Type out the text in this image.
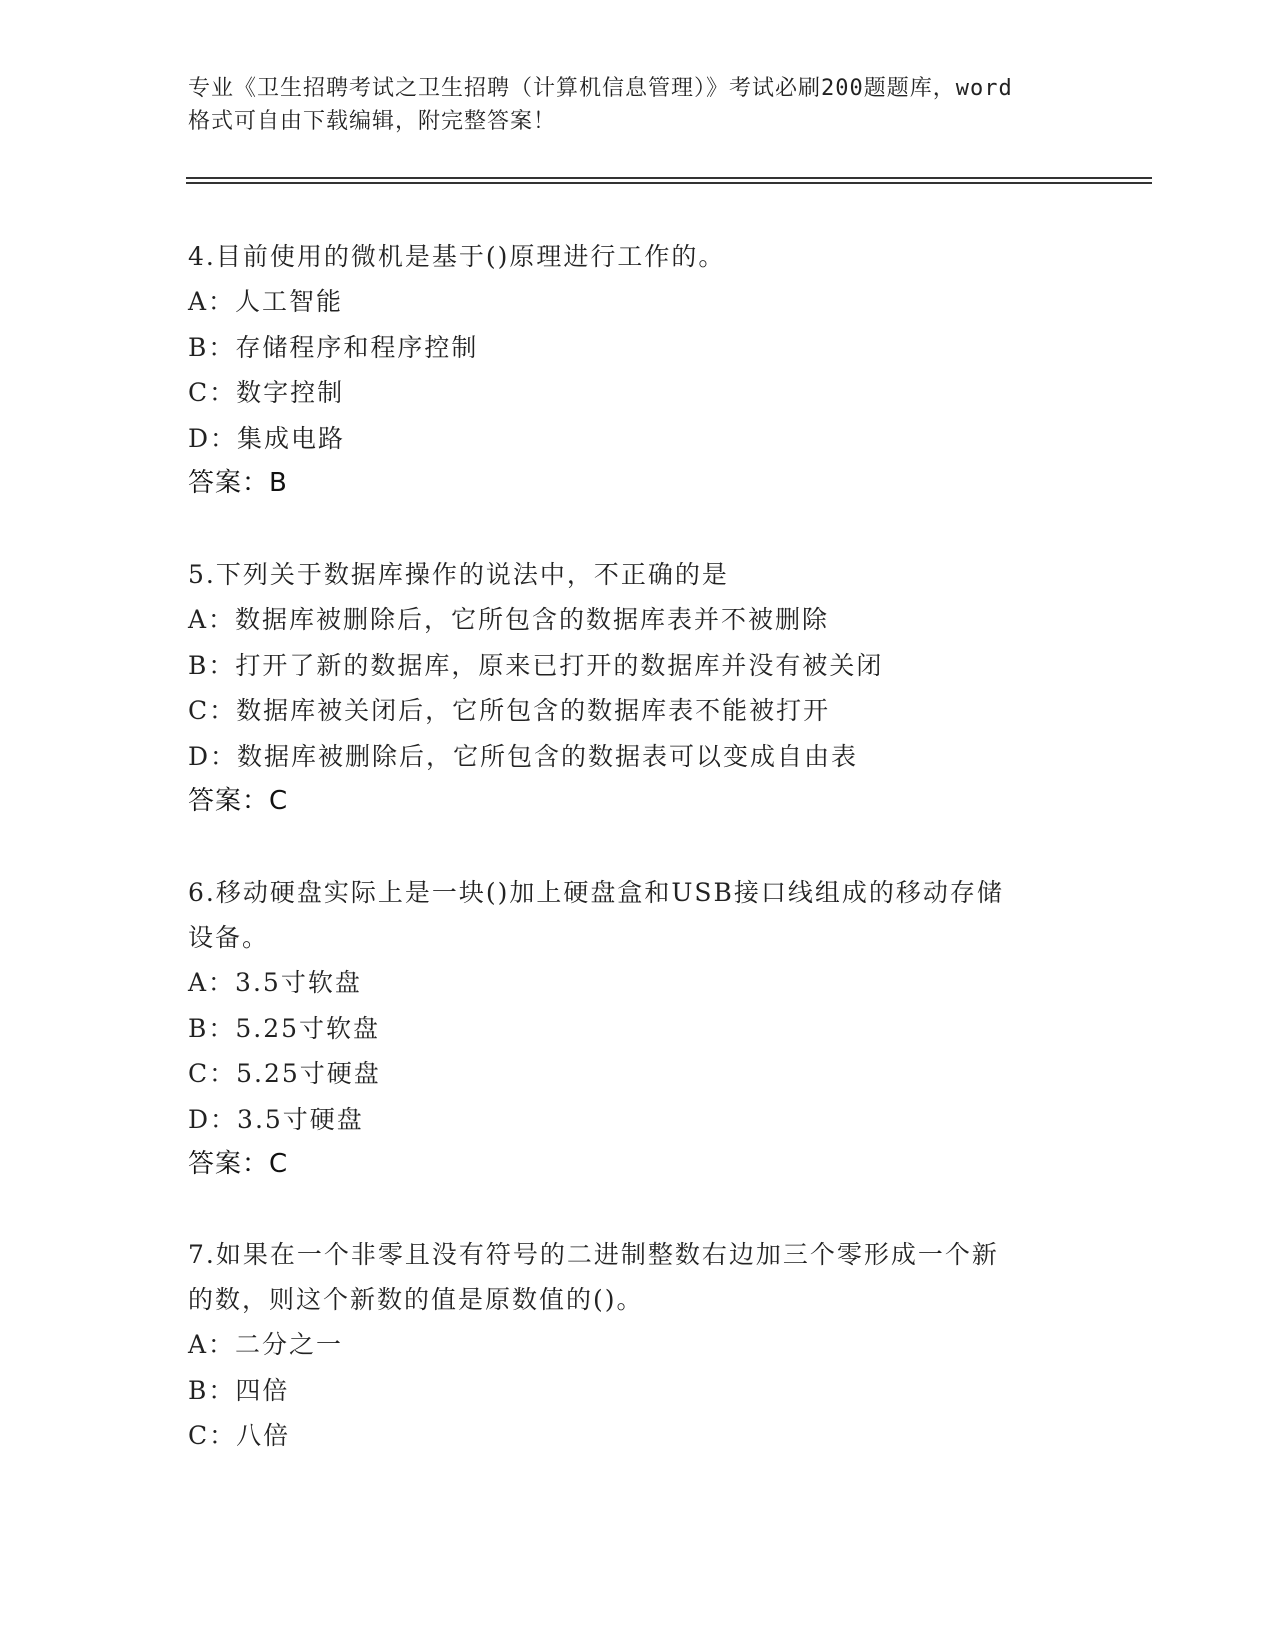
专业《卫生招聘考试之卫生招聘（计算机信息管理）》考试必刷200题题库，word
格式可自由下载编辑，附完整答案！
4.目前使用的微机是基于()原理进行工作的。
A：人工智能
B：存储程序和程序控制
C：数字控制
D：集成电路
答案：B
5.下列关于数据库操作的说法中，不正确的是
A：数据库被删除后，它所包含的数据库表并不被删除
B：打开了新的数据库，原来已打开的数据库并没有被关闭
C：数据库被关闭后，它所包含的数据库表不能被打开
D：数据库被删除后，它所包含的数据表可以变成自由表
答案：C
6.移动硬盘实际上是一块()加上硬盘盒和USB接口线组成的移动存储
设备。
A：3.5寸软盘
B：5.25寸软盘
C：5.25寸硬盘
D：3.5寸硬盘
答案：C
7.如果在一个非零且没有符号的二进制整数右边加三个零形成一个新
的数，则这个新数的值是原数值的()。
A：二分之一
B：四倍
C：八倍
